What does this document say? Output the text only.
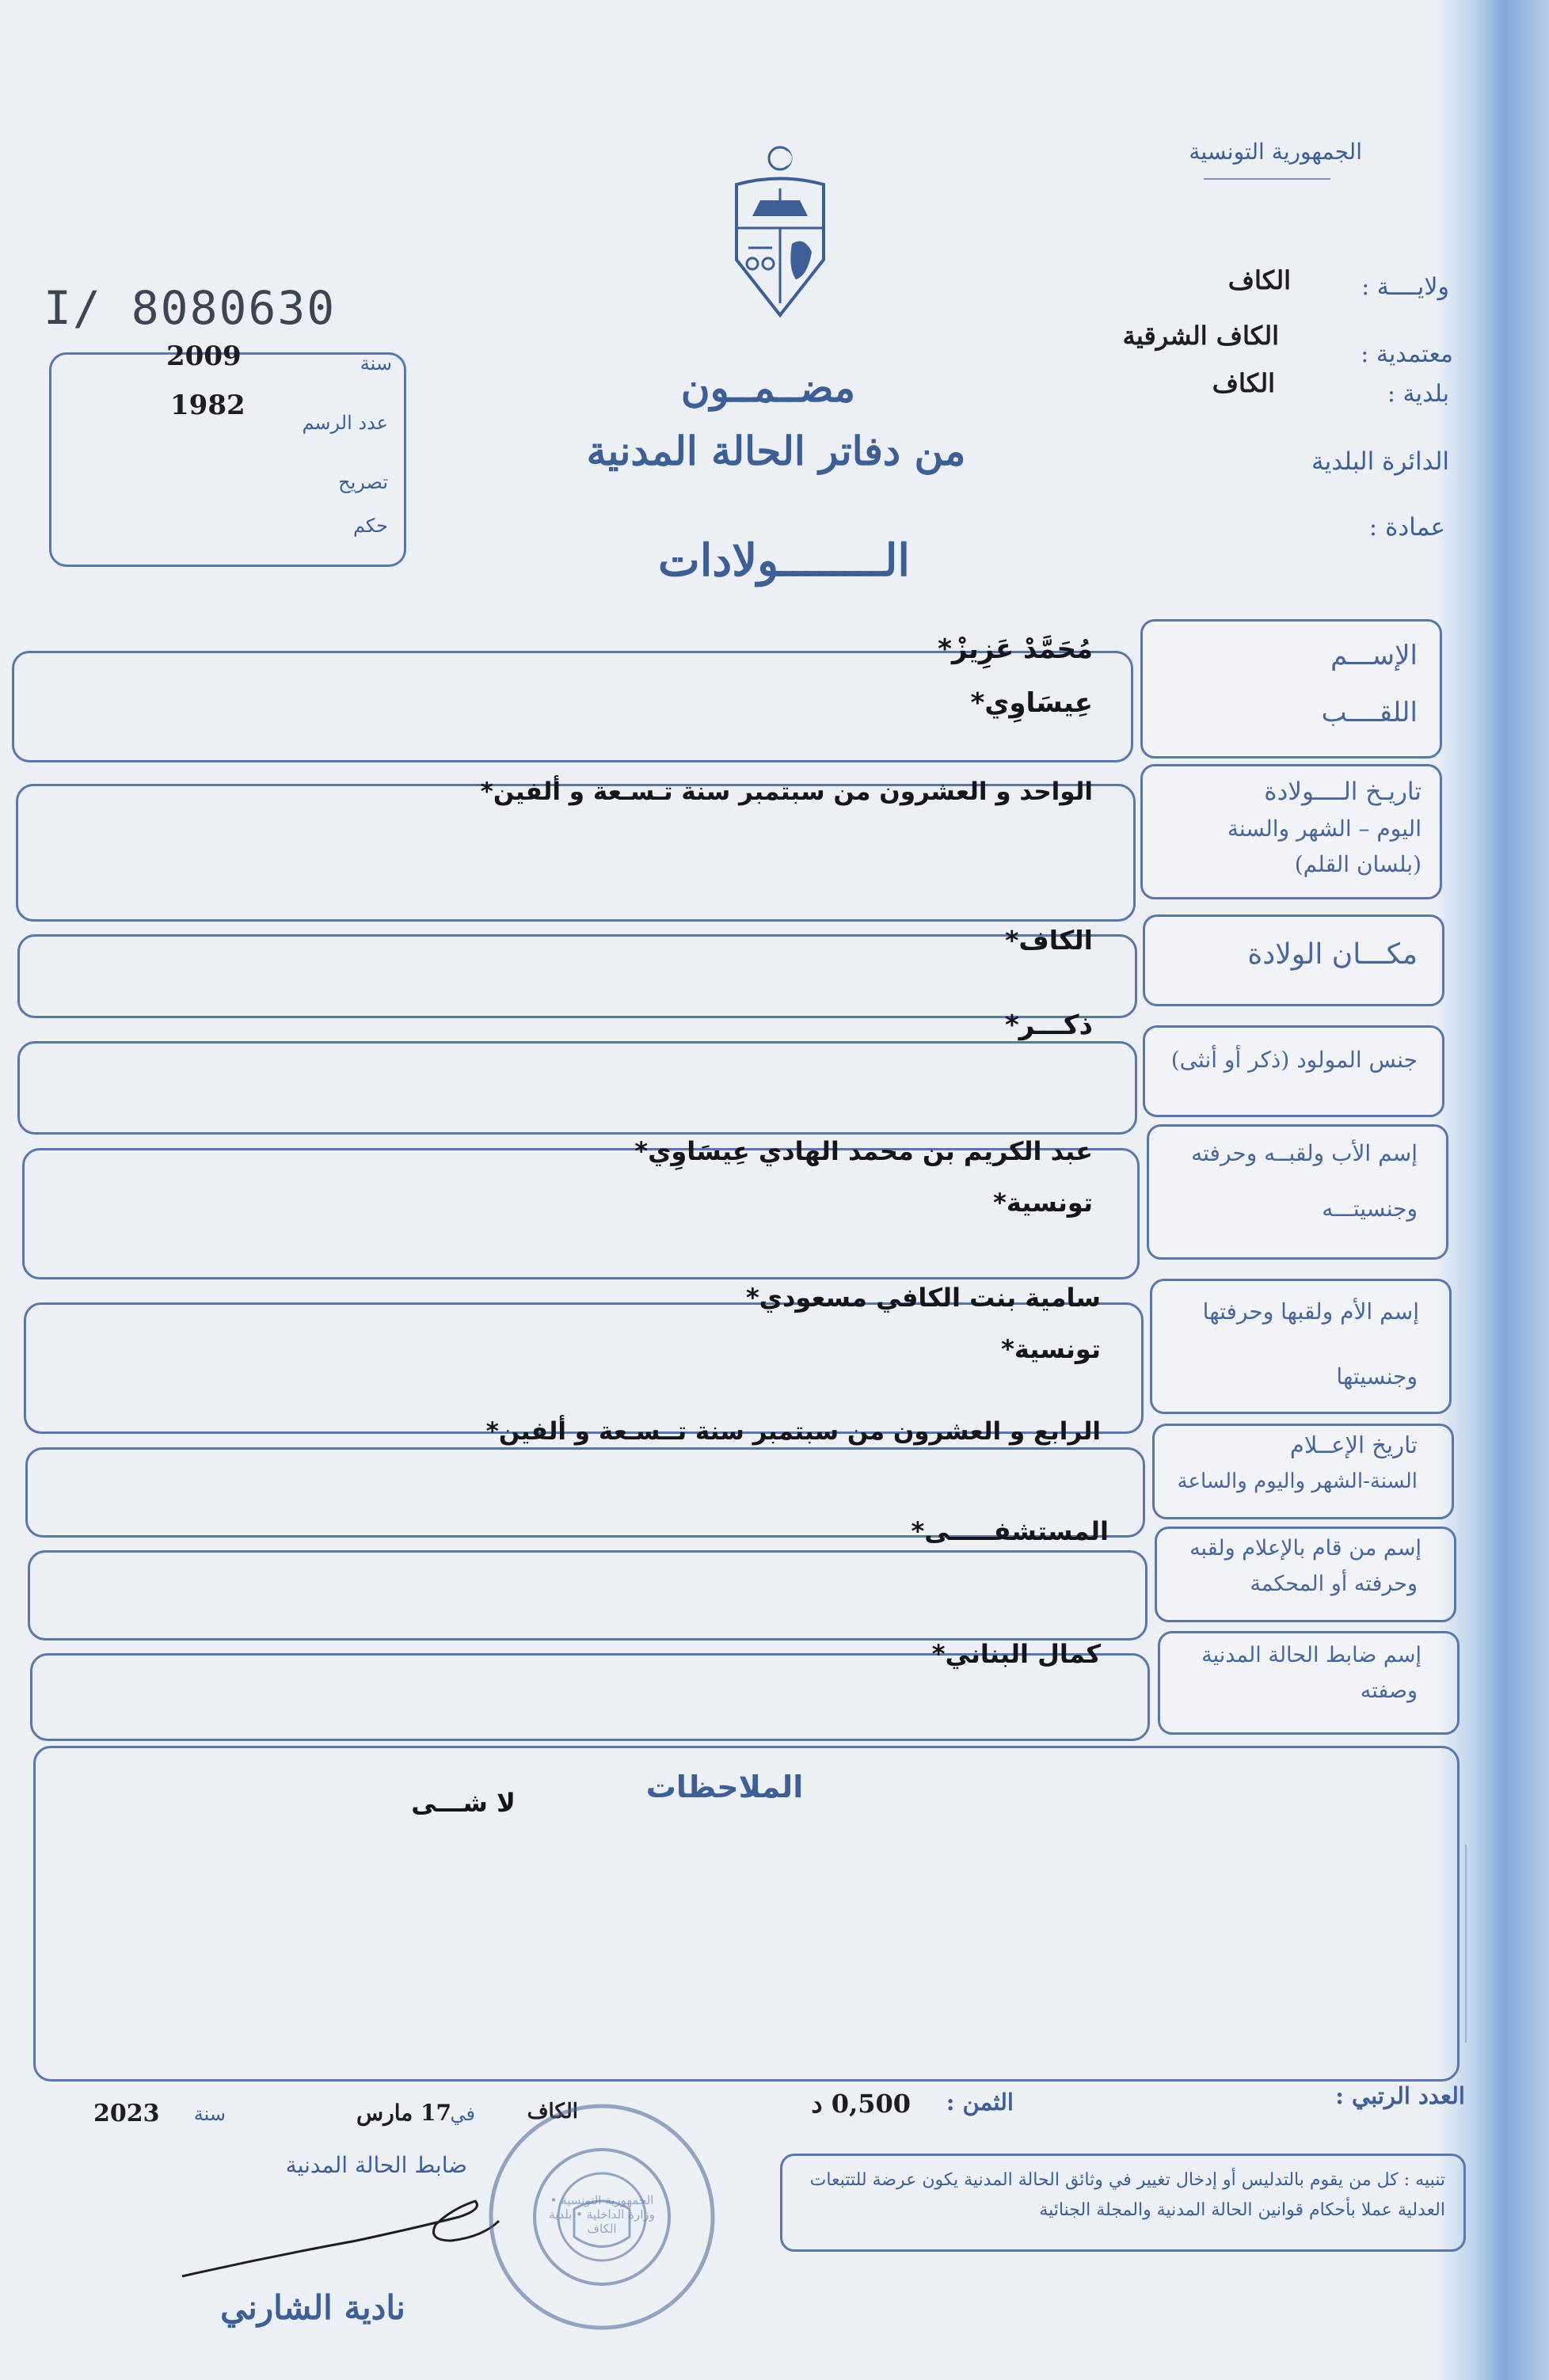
الجمهورية التونسية
ولايــــة :
الكاف
معتمدية :
الكاف الشرقية
بلدية :
الكاف
الدائرة البلدية
عمادة :
I/ 8080630
مضــمــون
من دفاتر الحالة المدنية
الــــــــولادات
سنة
2009
عدد الرسم
1982
تصريح
حكم
الإســـم
اللقــــب
مُحَمَّدْ عَزِيزْ*
عِيسَاوِي*
تاريـخ الــــولادة
اليوم – الشهر والسنة
(بلسان القلم)
الواحد و العشرون من سبتمبر سنة تـسـعة و ألفين*
مكـــان الولادة
الكاف*
جنس المولود (ذكر أو أنثى)
ذكـــر*
إسم الأب ولقبــه وحرفته
وجنسيتـــه
عبد الكريم بن محمد الهادي عِيسَاوِي*
تونسية*
إسم الأم ولقبها وحرفتها
وجنسيتها
سامية بنت الكافي مسعودي*
تونسية*
تاريخ الإعــلام
السنة-الشهر واليوم والساعة
الرابع و العشرون من سبتمبر سنة تــسـعة و ألفين*
إسم من قام بالإعلام ولقبه
وحرفته أو المحكمة
المستشفـــــى*
إسم ضابط الحالة المدنية
وصفته
كمال البناني*
الملاحظات
لا شـــى
العدد الرتبي :
الثمن :
0,500 د
الكاف
في
17 مارس
سنة
2023
ضابط الحالة المدنية
نادية الشارني
الجمهورية التونسية • وزارة الداخلية • بلدية الكاف
تنبيه : كل من يقوم بالتدليس أو إدخال تغيير في وثائق الحالة المدنية يكون عرضة للتتبعات العدلية عملا بأحكام قوانين الحالة المدنية والمجلة الجنائية
